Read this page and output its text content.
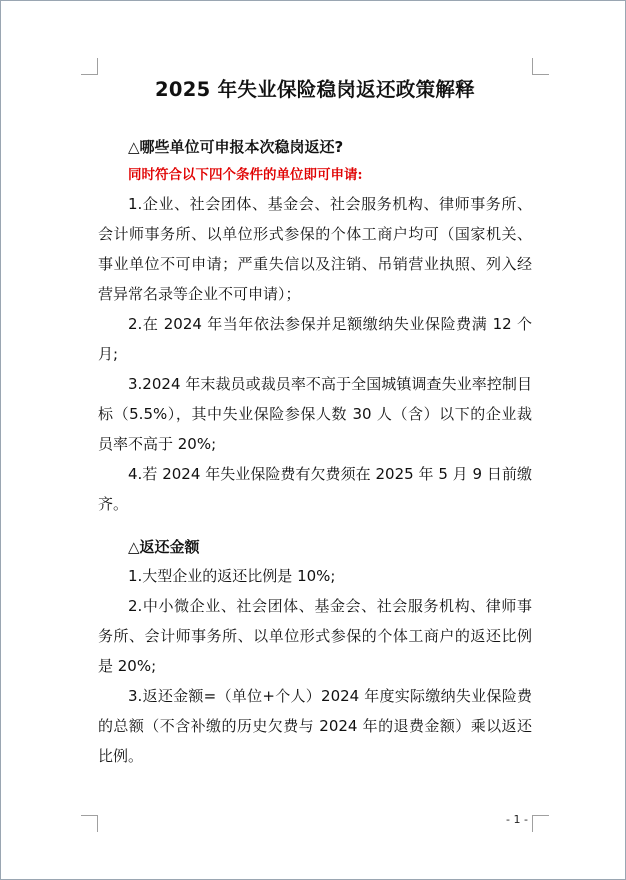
2025 年失业保险稳岗返还政策解释

△哪些单位可申报本次稳岗返还?

同时符合以下四个条件的单位即可申请:

1.企业、社会团体、基金会、社会服务机构、律师事务所、会计师事务所、以单位形式参保的个体工商户均可（国家机关、事业单位不可申请；严重失信以及注销、吊销营业执照、列入经营异常名录等企业不可申请）；

2.在 2024 年当年依法参保并足额缴纳失业保险费满 12 个月;

3.2024 年末裁员或裁员率不高于全国城镇调查失业率控制目标（5.5%），其中失业保险参保人数 30 人（含）以下的企业裁员率不高于 20%;

4.若 2024 年失业保险费有欠费须在 2025 年 5 月 9 日前缴齐。

△返还金额

1.大型企业的返还比例是 10%;

2.中小微企业、社会团体、基金会、社会服务机构、律师事务所、会计师事务所、以单位形式参保的个体工商户的返还比例是 20%;

3.返还金额=（单位+个人）2024 年度实际缴纳失业保险费的总额（不含补缴的历史欠费与 2024 年的退费金额）乘以返还比例。

- 1 -
